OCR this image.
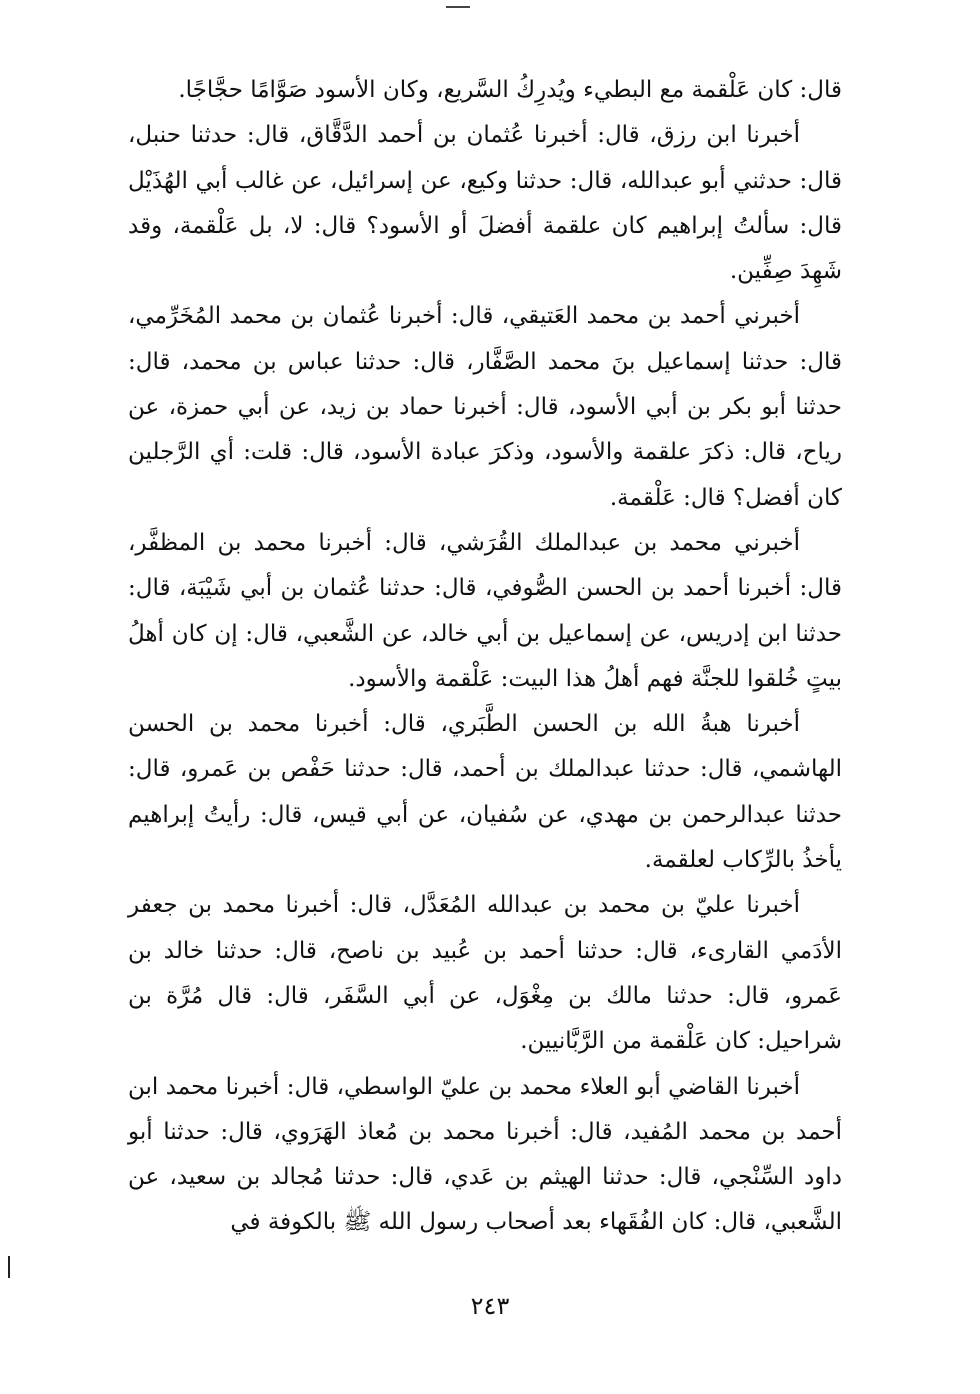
قال: كان عَلْقمة مع البطيء ويُدرِكُ السَّريع، وكان الأسود صَوَّامًا حجَّاجًا.

أخبرنا ابن رزق، قال: أخبرنا عُثمان بن أحمد الدَّقَّاق، قال: حدثنا حنبل، قال: حدثني أبو عبدالله، قال: حدثنا وكيع، عن إسرائيل، عن غالب أبي الهُذَيْل قال: سألتُ إبراهيم كان علقمة أفضلَ أو الأسود؟ قال: لا، بل عَلْقمة، وقد شَهِدَ صِفِّين.

أخبرني أحمد بن محمد العَتيقي، قال: أخبرنا عُثمان بن محمد المُخَرِّمي، قال: حدثنا إسماعيل بنَ محمد الصَّفَّار، قال: حدثنا عباس بن محمد، قال: حدثنا أبو بكر بن أبي الأسود، قال: أخبرنا حماد بن زيد، عن أبي حمزة، عن رياح، قال: ذكرَ علقمة والأسود، وذكرَ عبادة الأسود، قال: قلت: أي الرَّجلين كان أفضل؟ قال: عَلْقمة.

أخبرني محمد بن عبدالملك القُرَشي، قال: أخبرنا محمد بن المظفَّر، قال: أخبرنا أحمد بن الحسن الصُّوفي، قال: حدثنا عُثمان بن أبي شَيْبَة، قال: حدثنا ابن إدريس، عن إسماعيل بن أبي خالد، عن الشَّعبي، قال: إن كان أهلُ بيتٍ خُلقوا للجنَّة فهم أهلُ هذا البيت: عَلْقمة والأسود.

أخبرنا هبةُ الله بن الحسن الطَّبَري، قال: أخبرنا محمد بن الحسن الهاشمي، قال: حدثنا عبدالملك بن أحمد، قال: حدثنا حَفْص بن عَمرو، قال: حدثنا عبدالرحمن بن مهدي، عن سُفيان، عن أبي قيس، قال: رأيتُ إبراهيم يأخذُ بالرِّكاب لعلقمة.

أخبرنا عليّ بن محمد بن عبدالله المُعَدَّل، قال: أخبرنا محمد بن جعفر الأدَمي القارىء، قال: حدثنا أحمد بن عُبيد بن ناصح، قال: حدثنا خالد بن عَمرو، قال: حدثنا مالك بن مِغْوَل، عن أبي السَّفَر، قال: قال مُرَّة بن شراحيل: كان عَلْقمة من الرَّبَّانيين.

أخبرنا القاضي أبو العلاء محمد بن عليّ الواسطي، قال: أخبرنا محمد ابن أحمد بن محمد المُفيد، قال: أخبرنا محمد بن مُعاذ الهَرَوي، قال: حدثنا أبو داود السِّنْجي، قال: حدثنا الهيثم بن عَدي، قال: حدثنا مُجالد بن سعيد، عن الشَّعبي، قال: كان الفُقَهاء بعد أصحاب رسول الله ﷺ بالكوفة في

٢٤٣
